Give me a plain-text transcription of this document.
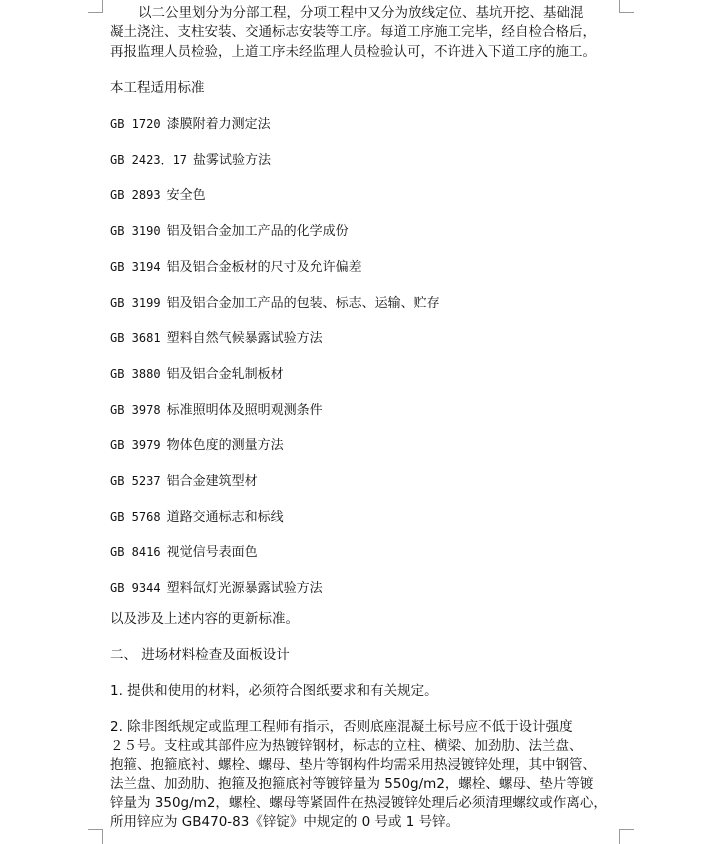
以二公里划分为分部工程，分项工程中又分为放线定位、基坑开挖、基础混
凝土浇注、支柱安装、交通标志安装等工序。每道工序施工完毕，经自检合格后，
再报监理人员检验，上道工序未经监理人员检验认可，不许进入下道工序的施工。
本工程适用标准
GB 1720 漆膜附着力测定法
GB 2423．17 盐雾试验方法
GB 2893 安全色
GB 3190 铝及铝合金加工产品的化学成份
GB 3194 铝及铝合金板材的尺寸及允许偏差
GB 3199 铝及铝合金加工产品的包装、标志、运输、贮存
GB 3681 塑料自然气候暴露试验方法
GB 3880 铝及铝合金轧制板材
GB 3978 标准照明体及照明观测条件
GB 3979 物体色度的测量方法
GB 5237 铝合金建筑型材
GB 5768 道路交通标志和标线
GB 8416 视觉信号表面色
GB 9344 塑料氙灯光源暴露试验方法
以及涉及上述内容的更新标准。
二、 进场材料检查及面板设计
1. 提供和使用的材料，必须符合图纸要求和有关规定。
2. 除非图纸规定或监理工程师有指示，否则底座混凝土标号应不低于设计强度
２５号。支柱或其部件应为热镀锌钢材，标志的立柱、横梁、加劲肋、法兰盘、
抱箍、抱箍底衬、螺栓、螺母、垫片等钢构件均需采用热浸镀锌处理，其中钢管、
法兰盘、加劲肋、抱箍及抱箍底衬等镀锌量为 550g/m2，螺栓、螺母、垫片等镀
锌量为 350g/m2，螺栓、螺母等紧固件在热浸镀锌处理后必须清理螺纹或作离心，
所用锌应为 GB470-83《锌锭》中规定的 0 号或 1 号锌。
